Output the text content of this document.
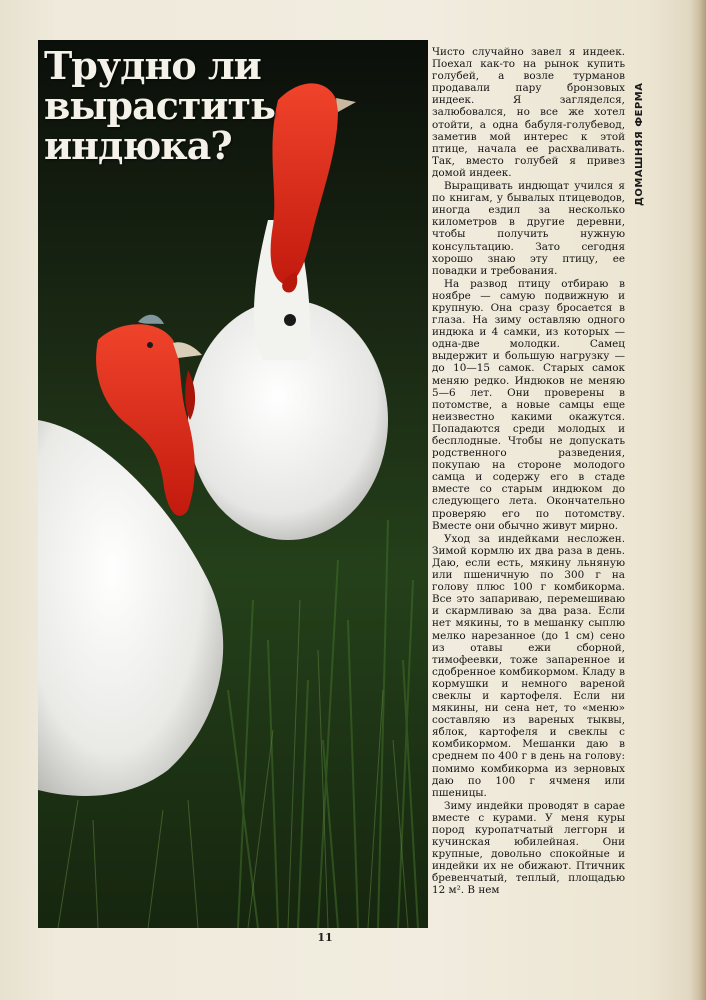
Трудно ли вырастить индюка?

Чисто случайно завел я индеек. Поехал как-то на рынок купить голубей, а возле турманов продавали пару бронзовых индеек. Я загляделся, залюбовался, но все же хотел отойти, а одна бабуля-голубевод, заметив мой интерес к этой птице, начала ее расхваливать. Так, вместо голубей я привез домой индеек.

Выращивать индющат учился я по книгам, у бывалых птицеводов, иногда ездил за несколько километров в другие деревни, чтобы получить нужную консультацию. Зато сегодня хорошо знаю эту птицу, ее повадки и требования.

На развод птицу отбираю в ноябре — самую подвижную и крупную. Она сразу бросается в глаза. На зиму оставляю одного индюка и 4 самки, из которых — одна-две молодки. Самец выдержит и большую нагрузку — до 10—15 самок. Старых самок меняю редко. Индюков не меняю 5—6 лет. Они проверены в потомстве, а новые самцы еще неизвестно какими окажутся. Попадаются среди молодых и бесплодные. Чтобы не допускать родственного разведения, покупаю на стороне молодого самца и содержу его в стаде вместе со старым индюком до следующего лета. Окончательно проверяю его по потомству. Вместе они обычно живут мирно.

Уход за индейками несложен. Зимой кормлю их два раза в день. Даю, если есть, мякину льняную или пшеничную по 300 г на голову плюс 100 г комбикорма. Все это запариваю, перемешиваю и скармливаю за два раза. Если нет мякины, то в мешанку сыплю мелко нарезанное (до 1 см) сено из отавы ежи сборной, тимофеевки, тоже запаренное и сдобренное комбикормом. Кладу в кормушки и немного вареной свеклы и картофеля. Если ни мякины, ни сена нет, то «меню» составляю из вареных тыквы, яблок, картофеля и свеклы с комбикормом. Мешанки даю в среднем по 400 г в день на голову: помимо комбикорма из зерновых даю по 100 г ячменя или пшеницы.

Зиму индейки проводят в сарае вместе с курами. У меня куры пород куропатчатый леггорн и кучинская юбилейная. Они крупные, довольно спокойные и индейки их не обижают. Птичник бревенчатый, теплый, площадью 12 м². В нем

ДОМАШНЯЯ ФЕРМА
11
